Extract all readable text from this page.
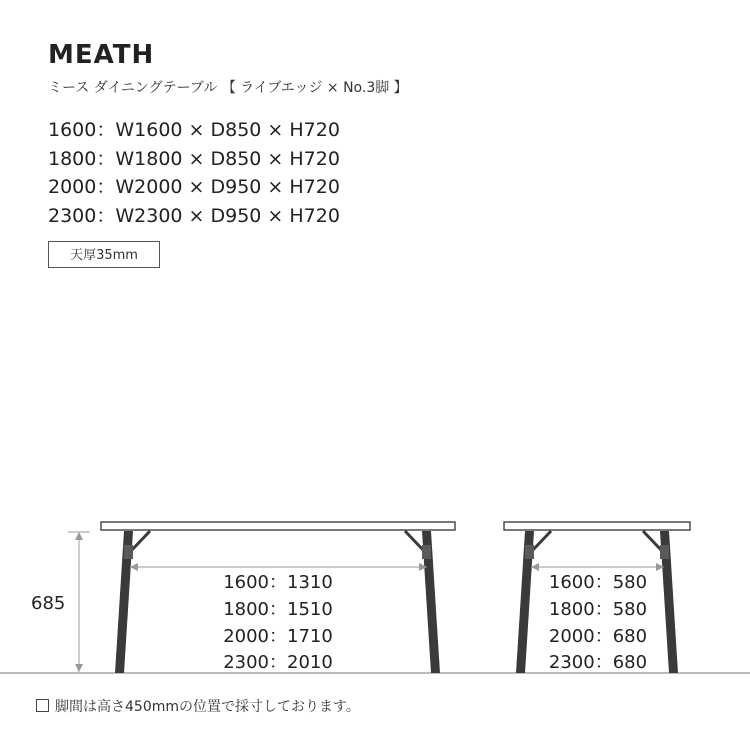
MEATH
ミース ダイニングテーブル 【 ライブエッジ × No.3脚 】
1600：W1600 × D850 × H720
1800：W1800 × D850 × H720
2000：W2000 × D950 × H720
2300：W2300 × D950 × H720
天厚35mm
685
1600：1310
1800：1510
2000：1710
2300：2010
1600：580
1800：580
2000：680
2300：680
脚間は高さ450mmの位置で採寸しております。
